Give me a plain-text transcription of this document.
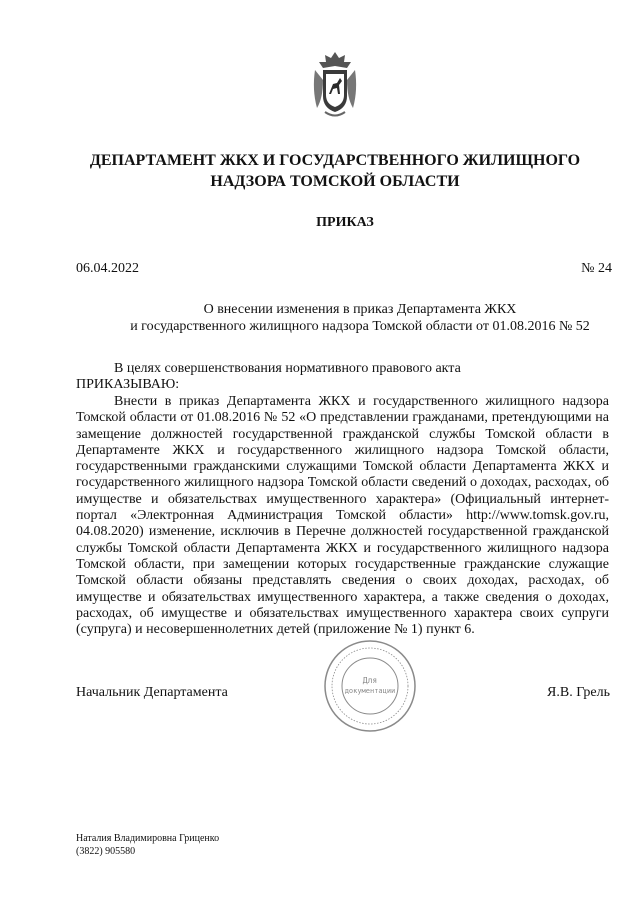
ДЕПАРТАМЕНТ ЖКХ И ГОСУДАРСТВЕННОГО ЖИЛИЩНОГО
НАДЗОРА ТОМСКОЙ ОБЛАСТИ
ПРИКАЗ
06.04.2022	№ 24
О внесении изменения в приказ Департамента ЖКХ
и государственного жилищного надзора Томской области от 01.08.2016 № 52
В целях совершенствования нормативного правового акта
ПРИКАЗЫВАЮ:

Внести в приказ Департамента ЖКХ и государственного жилищного надзора Томской области от 01.08.2016 № 52 «О представлении гражданами, претендующими на замещение должностей государственной гражданской службы Томской области в Департаменте ЖКХ и государственного жилищного надзора Томской области, государственными гражданскими служащими Томской области Департамента ЖКХ и государственного жилищного надзора Томской области сведений о доходах, расходах, об имуществе и обязательствах имущественного характера» (Официальный интернет-портал «Электронная Администрация Томской области» http://www.tomsk.gov.ru, 04.08.2020) изменение, исключив в Перечне должностей государственной гражданской службы Томской области Департамента ЖКХ и государственного жилищного надзора Томской области, при замещении которых государственные гражданские служащие Томской области обязаны представлять сведения о своих доходах, расходах, об имуществе и обязательствах имущественного характера, а также сведения о доходах, расходах, об имуществе и обязательствах имущественного характера своих супруги (супруга) и несовершеннолетних детей (приложение № 1) пункт 6.

Для
документации
Начальник Департамента	Я.В. Грель
Наталия Владимировна Гриценко
(3822) 905580
